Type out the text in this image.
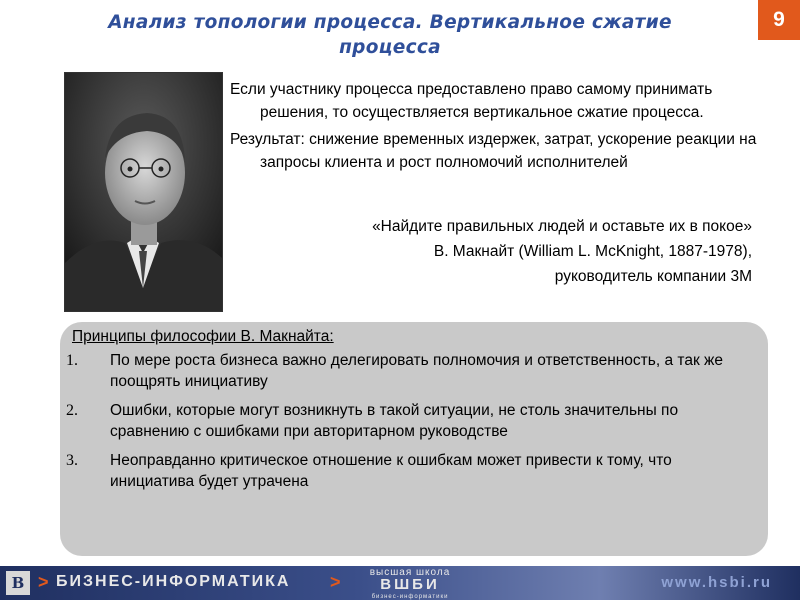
Анализ топологии процесса. Вертикальное сжатие
процесса
9

Если участнику процесса предоставлено право самому принимать решения, то осуществляется вертикальное сжатие процесса.

Результат: снижение временных издержек, затрат, ускорение реакции на запросы клиента и рост полномочий исполнителей

«Найдите правильных людей и оставьте их в покое»
В. Макнайт (William L. McKnight, 1887-1978),
руководитель компании 3М
Принципы философии В. Макнайта:
1. По мере роста бизнеса важно делегировать полномочия и ответственность, а так же поощрять инициативу
2. Ошибки, которые могут возникнуть в такой ситуации, не столь значительны по сравнению с ошибками при авторитарном руководстве
3. Неоправданно критическое отношение к ошибкам может привести к тому, что инициатива будет утрачена
В > БИЗНЕС-ИНФОРМАТИКА >	высшая школа
ВШБИ
бизнес-информатики
www.hsbi.ru
